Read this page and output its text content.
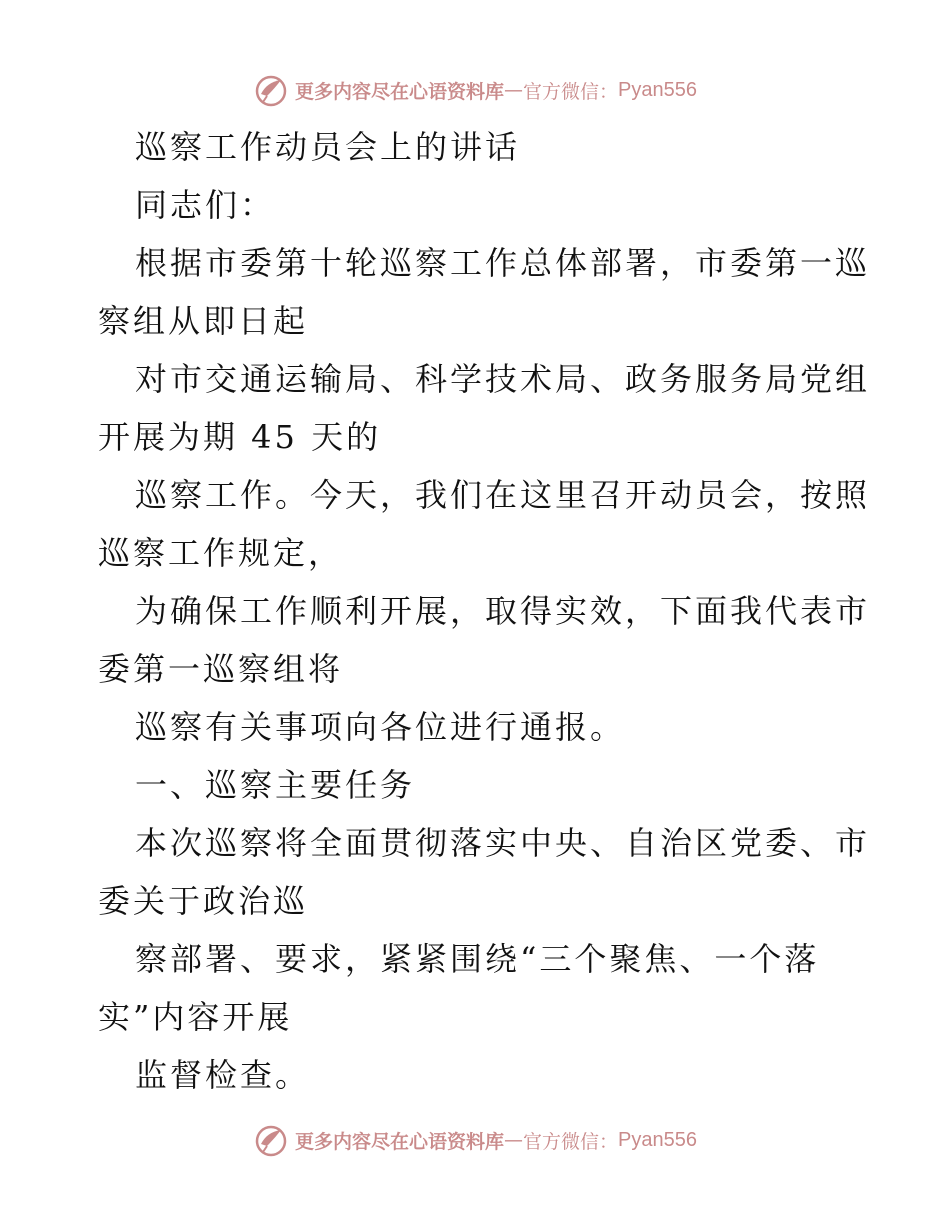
更多内容尽在心语资料库 — 官方微信： Pyan556
巡察工作动员会上的讲话
同志们：
根据市委第十轮巡察工作总体部署，市委第一巡
察组从即日起
对市交通运输局、科学技术局、政务服务局党组
开展为期 45 天的
巡察工作。今天，我们在这里召开动员会，按照
巡察工作规定，
为确保工作顺利开展，取得实效，下面我代表市
委第一巡察组将
巡察有关事项向各位进行通报。
一、巡察主要任务
本次巡察将全面贯彻落实中央、自治区党委、市
委关于政治巡
察部署、要求，紧紧围绕“三个聚焦、一个落
实”内容开展
监督检查。
更多内容尽在心语资料库 — 官方微信： Pyan556
